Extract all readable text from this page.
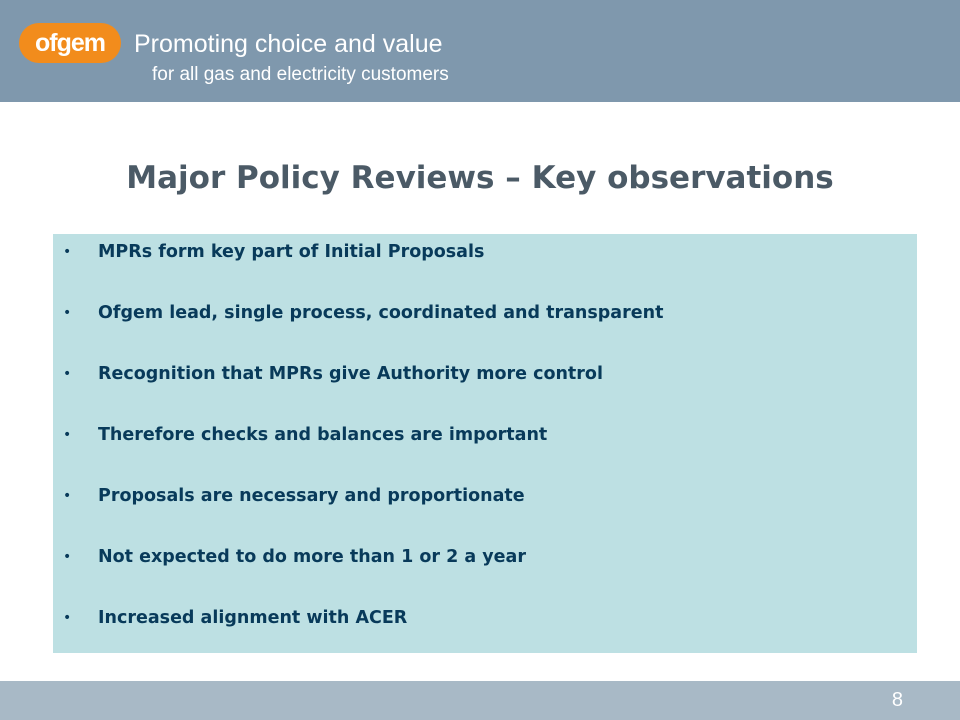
ofgem Promoting choice and value
for all gas and electricity customers
Major Policy Reviews – Key observations
• MPRs form key part of Initial Proposals
• Ofgem lead, single process, coordinated and transparent
• Recognition that MPRs give Authority more control
• Therefore checks and balances are important
• Proposals are necessary and proportionate
• Not expected to do more than 1 or 2 a year
• Increased alignment with ACER
8
